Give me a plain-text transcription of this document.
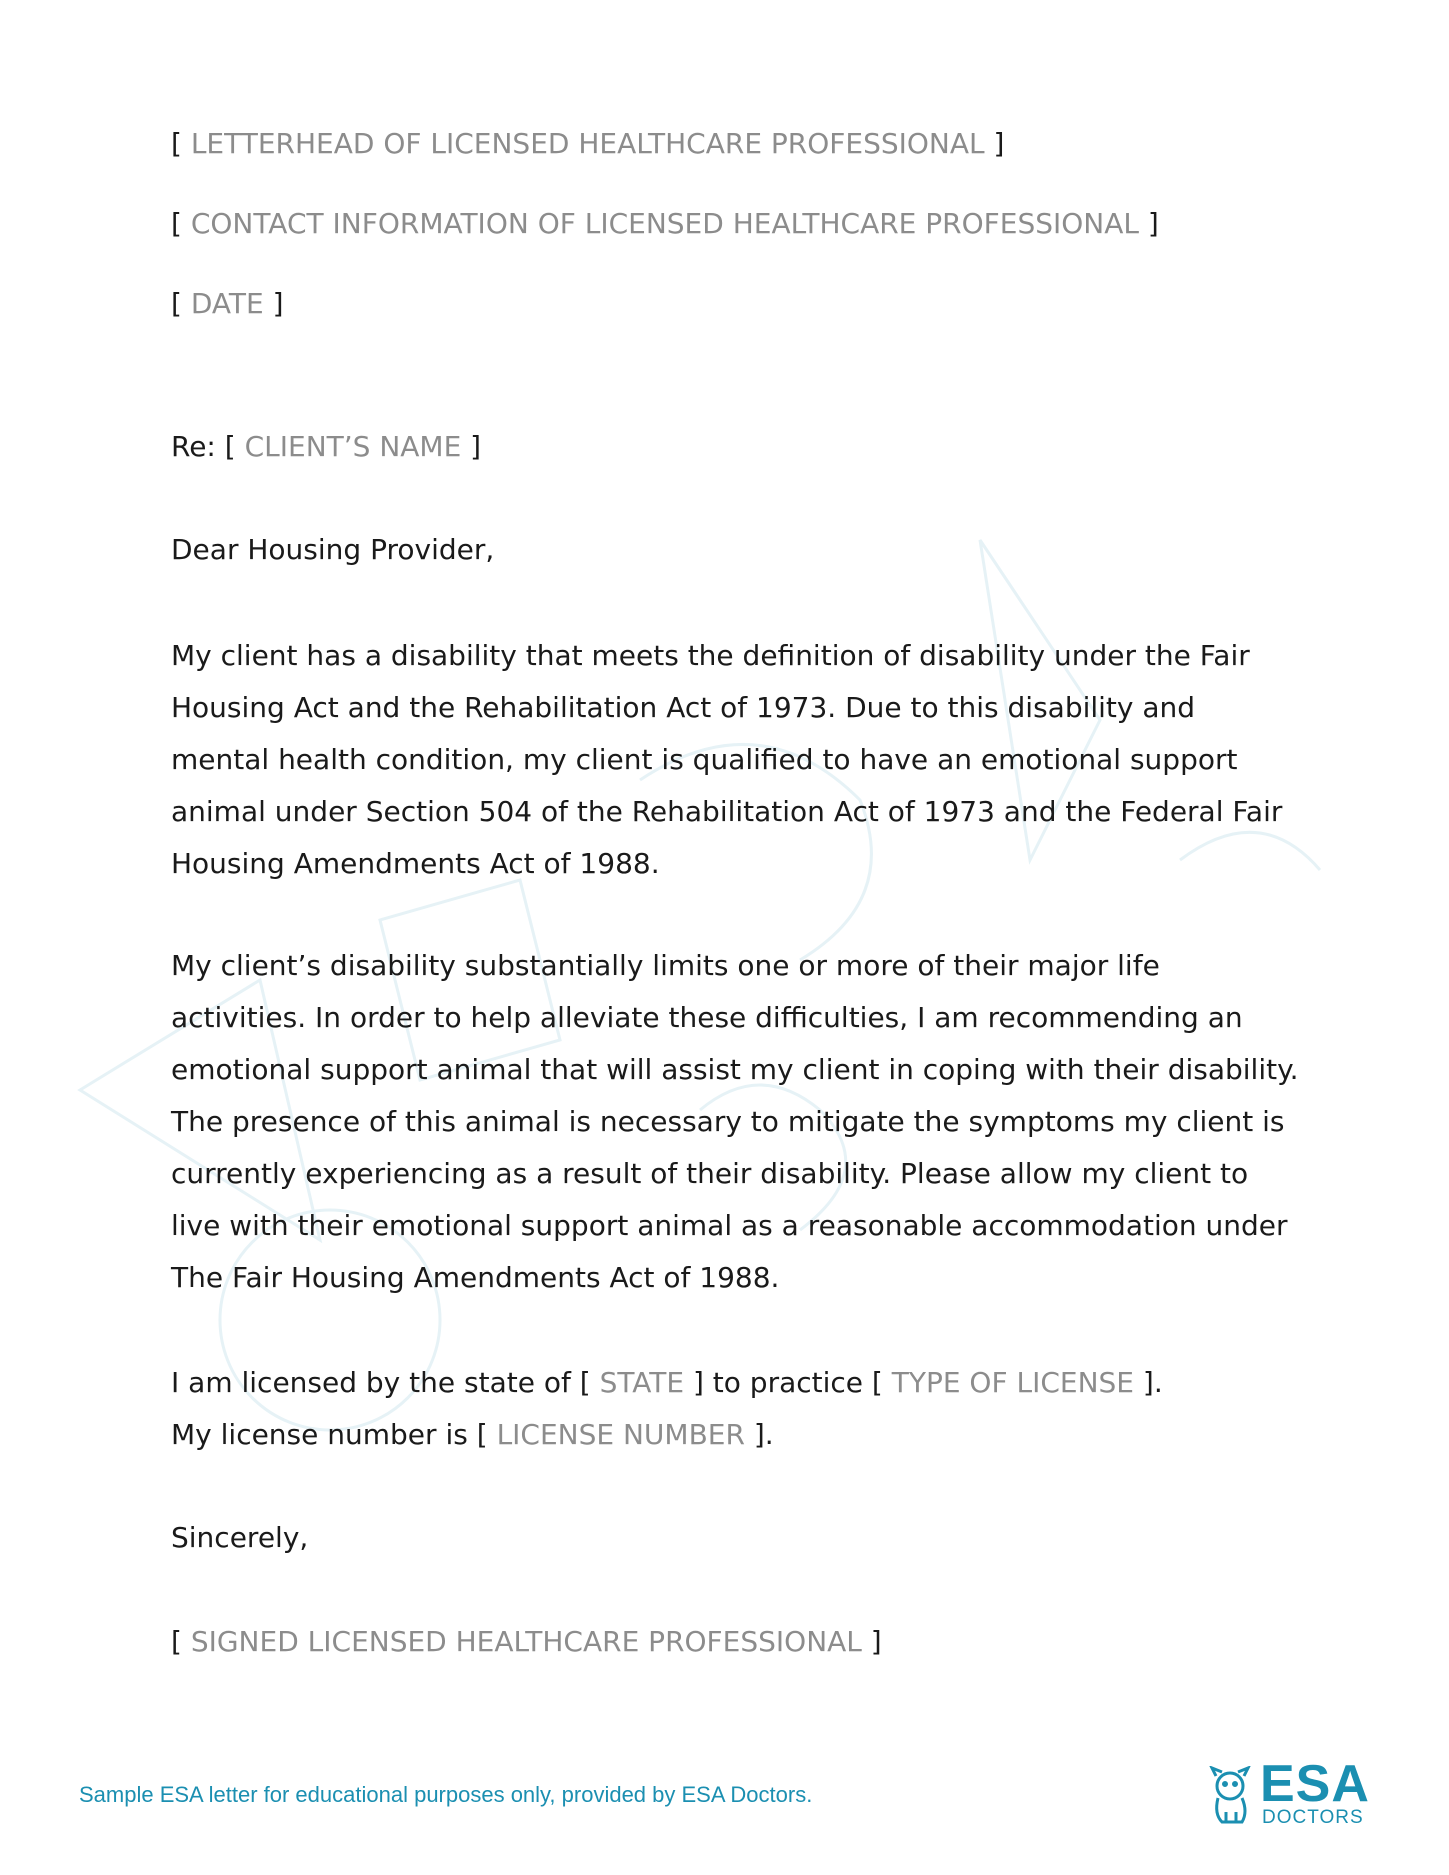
[ LETTERHEAD OF LICENSED HEALTHCARE PROFESSIONAL ]
[ CONTACT INFORMATION OF LICENSED HEALTHCARE PROFESSIONAL ]
[ DATE ]
Re: [ CLIENT’S NAME ]
Dear Housing Provider,

My client has a disability that meets the definition of disability under the Fair Housing Act and the Rehabilitation Act of 1973. Due to this disability and mental health condition, my client is qualified to have an emotional support animal under Section 504 of the Rehabilitation Act of 1973 and the Federal Fair Housing Amendments Act of 1988.

My client’s disability substantially limits one or more of their major life activities. In order to help alleviate these difficulties, I am recommending an emotional support animal that will assist my client in coping with their disability. The presence of this animal is necessary to mitigate the symptoms my client is currently experiencing as a result of their disability. Please allow my client to live with their emotional support animal as a reasonable accommodation under The Fair Housing Amendments Act of 1988.

I am licensed by the state of [ STATE ] to practice [ TYPE OF LICENSE ].
My license number is [ LICENSE NUMBER ].
Sincerely,
[ SIGNED LICENSED HEALTHCARE PROFESSIONAL ]
Sample ESA letter for educational purposes only, provided by ESA Doctors.	ESA
DOCTORS
